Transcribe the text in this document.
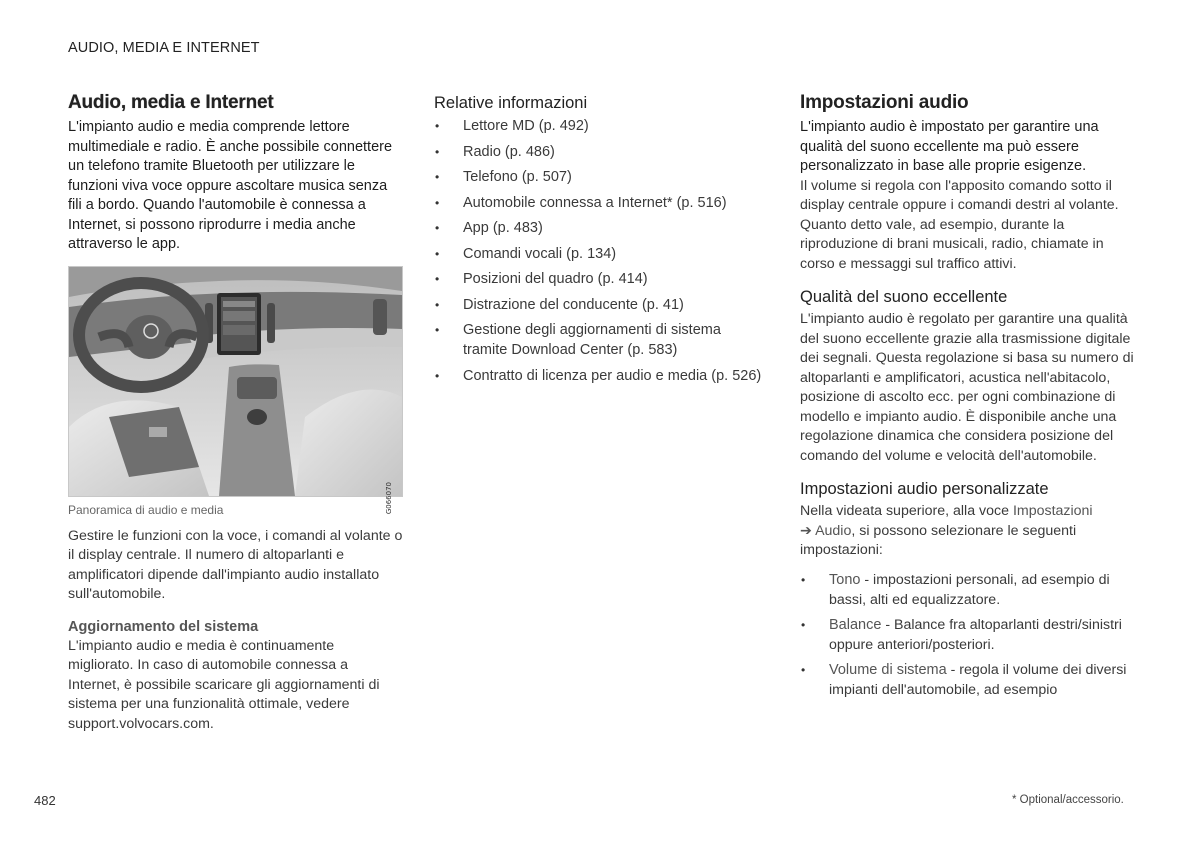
AUDIO, MEDIA E INTERNET
Audio, media e Internet

L'impianto audio e media comprende lettore multimediale e radio. È anche possibile connettere un telefono tramite Bluetooth per utilizzare le funzioni viva voce oppure ascoltare musica senza fili a bordo. Quando l'automobile è connessa a Internet, si possono riprodurre i media anche attraverso le app.

G066070
Panoramica di audio e media

Gestire le funzioni con la voce, i comandi al volante o il display centrale. Il numero di altoparlanti e amplificatori dipende dall'impianto audio installato sull'automobile.

Aggiornamento del sistema

L'impianto audio e media è continuamente migliorato. In caso di automobile connessa a Internet, è possibile scaricare gli aggiornamenti di sistema per una funzionalità ottimale, vedere support.volvocars.com.

Relative informazioni
• Lettore MD (p. 492)
• Radio (p. 486)
• Telefono (p. 507)
• Automobile connessa a Internet* (p. 516)
• App (p. 483)
• Comandi vocali (p. 134)
• Posizioni del quadro (p. 414)
• Distrazione del conducente (p. 41)
• Gestione degli aggiornamenti di sistema tramite Download Center (p. 583)
• Contratto di licenza per audio e media (p. 526)
Impostazioni audio

L'impianto audio è impostato per garantire una qualità del suono eccellente ma può essere personalizzato in base alle proprie esigenze.

Il volume si regola con l'apposito comando sotto il display centrale oppure i comandi destri al volante. Quanto detto vale, ad esempio, durante la riproduzione di brani musicali, radio, chiamate in corso e messaggi sul traffico attivi.

Qualità del suono eccellente

L'impianto audio è regolato per garantire una qualità del suono eccellente grazie alla trasmissione digitale dei segnali. Questa regolazione si basa su numero di altoparlanti e amplificatori, acustica nell'abitacolo, posizione di ascolto ecc. per ogni combinazione di modello e impianto audio. È disponibile anche una regolazione dinamica che considera posizione del comando del volume e velocità dell'automobile.

Impostazioni audio personalizzate

Nella videata superiore, alla voce Impostazioni
➔ Audio, si possono selezionare le seguenti impostazioni:

• Tono - impostazioni personali, ad esempio di bassi, alti ed equalizzatore.
• Balance - Balance fra altoparlanti destri/sinistri oppure anteriori/posteriori.
• Volume di sistema - regola il volume dei diversi impianti dell'automobile, ad esempio
482	* Optional/accessorio.
